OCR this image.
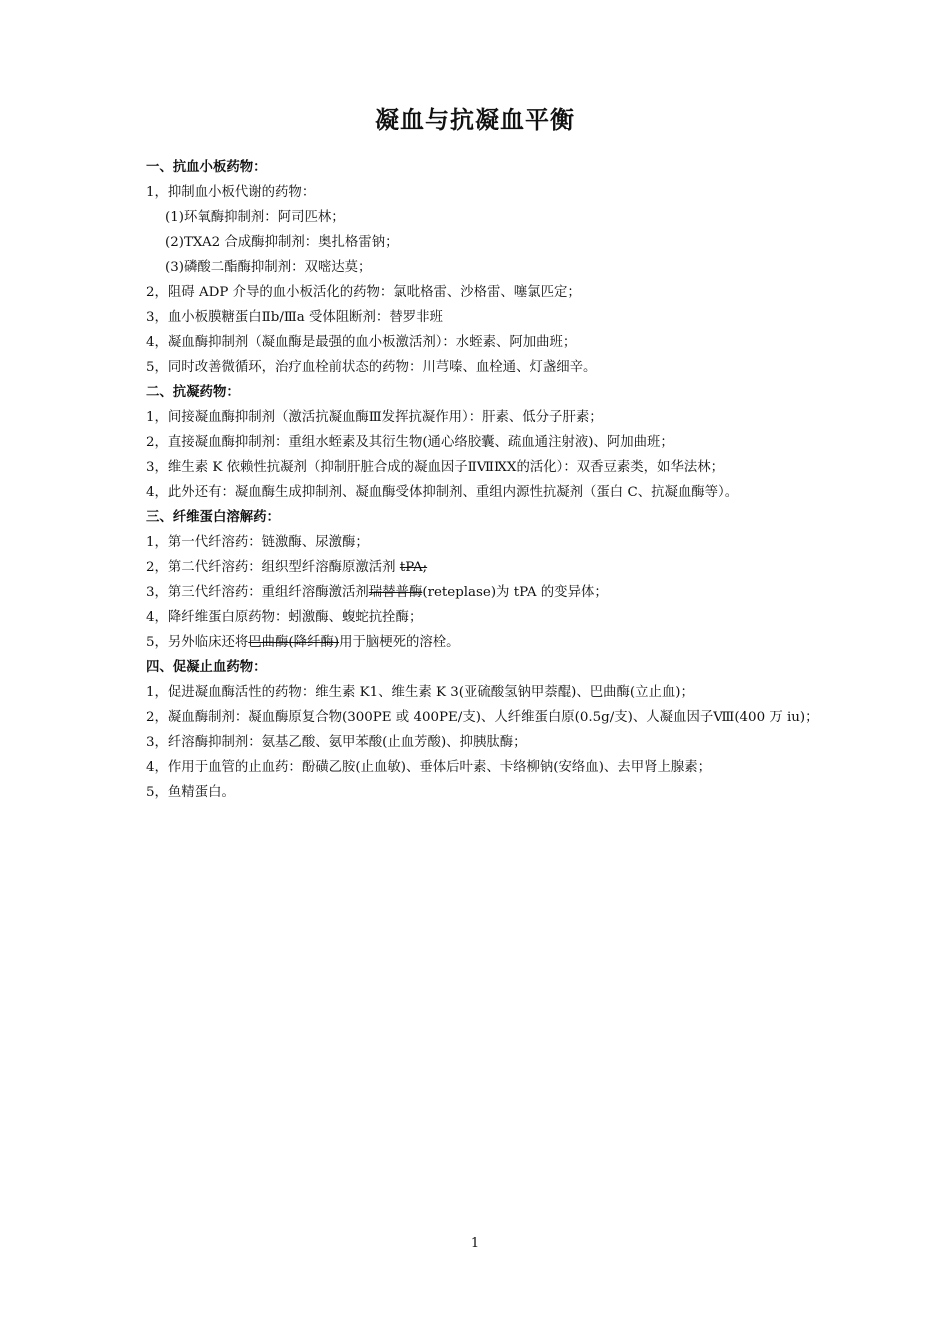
凝血与抗凝血平衡
一、抗血小板药物：
1，抑制血小板代谢的药物：
(1)环氧酶抑制剂：阿司匹林；
(2)TXA2 合成酶抑制剂：奥扎格雷钠；
(3)磷酸二酯酶抑制剂：双嘧达莫；
2，阻碍 ADP 介导的血小板活化的药物：氯吡格雷、沙格雷、噻氯匹定；
3，血小板膜糖蛋白Ⅱb/Ⅲa 受体阻断剂：替罗非班
4，凝血酶抑制剂（凝血酶是最强的血小板激活剂）：水蛭素、阿加曲班；
5，同时改善微循环，治疗血栓前状态的药物：川芎嗪、血栓通、灯盏细辛。
二、抗凝药物：
1，间接凝血酶抑制剂（激活抗凝血酶Ⅲ发挥抗凝作用）：肝素、低分子肝素；
2，直接凝血酶抑制剂：重组水蛭素及其衍生物(通心络胶囊、疏血通注射液)、阿加曲班；
3，维生素 K 依赖性抗凝剂（抑制肝脏合成的凝血因子ⅡⅦⅨⅩ的活化）：双香豆素类，如华法林；
4，此外还有：凝血酶生成抑制剂、凝血酶受体抑制剂、重组内源性抗凝剂（蛋白 C、抗凝血酶等）。
三、纤维蛋白溶解药：
1，第一代纤溶药：链激酶、尿激酶；
2，第二代纤溶药：组织型纤溶酶原激活剂 tPA;
3，第三代纤溶药：重组纤溶酶激活剂瑞替普酶(reteplase)为 tPA 的变异体；
4，降纤维蛋白原药物：蚓激酶、蝮蛇抗拴酶；
5，另外临床还将巴曲酶(降纤酶)用于脑梗死的溶栓。
四、促凝止血药物：
1，促进凝血酶活性的药物：维生素 K1、维生素 K 3(亚硫酸氢钠甲萘醌)、巴曲酶(立止血)；
2，凝血酶制剂：凝血酶原复合物(300PE 或 400PE/支)、人纤维蛋白原(0.5g/支)、人凝血因子Ⅷ(400 万 iu)；
3，纤溶酶抑制剂：氨基乙酸、氨甲苯酸(止血芳酸)、抑胰肽酶；
4，作用于血管的止血药：酚磺乙胺(止血敏)、垂体后叶素、卡络柳钠(安络血)、去甲肾上腺素；
5，鱼精蛋白。
1
